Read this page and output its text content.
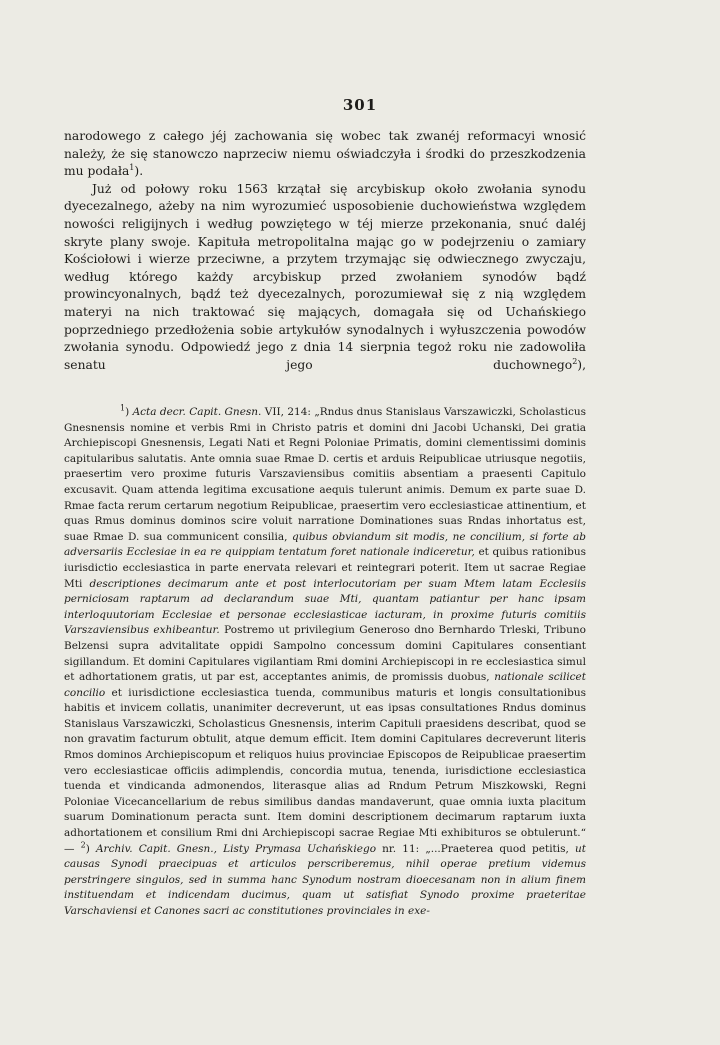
301

narodowego z całego jéj zachowania się wobec tak zwanéj reformacyi wnosić należy, że się stanowczo naprzeciw niemu oświadczyła i środki do przeszkodzenia mu podała$^1$).

Już od połowy roku 1563 krzątał się arcybiskup około zwołania synodu dyecezalnego, ażeby na nim wyrozumieć usposobienie duchowieństwa względem nowości religijnych i według powziętego w téj mierze przekonania, snuć daléj skryte plany swoje. Kapituła metropolitalna mając go w podejrzeniu o zamiary Kościołowi i wierze przeciwne, a przytem trzymając się odwiecznego zwyczaju, według którego każdy arcybiskup przed zwołaniem synodów bądź prowincyonalnych, bądź też dyecezalnych, porozumiewał się z nią względem materyi na nich traktować się mających, domagała się od Uchańskiego poprzedniego przedłożenia sobie artykułów synodalnych i wyłuszczenia powodów zwołania synodu. Odpowiedź jego z dnia 14 sierpnia tegoż roku nie zadowoliła senatu jego duchownego$^2$),

$^1$) Acta decr. Capit. Gnesn. VII, 214: „Rndus dnus Stanislaus Varszawiczki, Scholasticus Gnesnensis nomine et verbis Rmi in Christo patris et domini dni Jacobi Uchanski, Dei gratia Archiepiscopi Gnesnensis, Legati Nati et Regni Poloniae Primatis, domini clementissimi dominis capitularibus salutatis. Ante omnia suae Rmae D. certis et arduis Reipublicae utriusque negotiis, praesertim vero proxime futuris Varszaviensibus comitiis absentiam a praesenti Capitulo excusavit. Quam attenda legitima excusatione aequis tulerunt animis. Demum ex parte suae D. Rmae facta rerum certarum negotium Reipublicae, praesertim vero ecclesiasticae attinentium, et quas Rmus dominus dominos scire voluit narratione Dominationes suas Rndas inhortatus est, suae Rmae D. sua communicent consilia, quibus obviandum sit modis, ne concilium, si forte ab adversariis Ecclesiae in ea re quippiam tentatum foret nationale indiceretur, et quibus rationibus iurisdictio ecclesiastica in parte enervata relevari et reintegrari poterit. Item ut sacrae Regiae Mti descriptiones decimarum ante et post interlocutoriam per suam Mtem latam Ecclesiis perniciosam raptarum ad declarandum suae Mti, quantam patiantur per hanc ipsam interloquutoriam Ecclesiae et personae ecclesiasticae iacturam, in proxime futuris comitiis Varszaviensibus exhibeantur. Postremo ut privilegium Generoso dno Bernhardo Trleski, Tribuno Belzensi supra advitalitate oppidi Sampolno concessum domini Capitulares consentiant sigillandum. Et domini Capitulares vigilantiam Rmi domini Archiepiscopi in re ecclesiastica simul et adhortationem gratis, ut par est, acceptantes animis, de promissis duobus, nationale scilicet concilio et iurisdictione ecclesiastica tuenda, communibus maturis et longis consultationibus habitis et invicem collatis, unanimiter decreverunt, ut eas ipsas consultationes Rndus dominus Stanislaus Varszawiczki, Scholasticus Gnesnensis, interim Capituli praesidens describat, quod se non gravatim facturum obtulit, atque demum efficit. Item domini Capitulares decreverunt literis Rmos dominos Archiepiscopum et reliquos huius provinciae Episcopos de Reipublicae praesertim vero ecclesiasticae officiis adimplendis, concordia mutua, tenenda, iurisdictione ecclesiastica tuenda et vindicanda admonendos, literasque alias ad Rndum Petrum Miszkowski, Regni Poloniae Vicecancellarium de rebus similibus dandas mandaverunt, quae omnia iuxta placitum suarum Dominationum peracta sunt. Item domini descriptionem decimarum raptarum iuxta adhortationem et consilium Rmi dni Archiepiscopi sacrae Regiae Mti exhibituros se obtulerunt.“ — $^2$) Archiv. Capit. Gnesn., Listy Prymasa Uchańskiego nr. 11: „...Praeterea quod petitis, ut causas Synodi praecipuas et articulos perscriberemus, nihil operae pretium videmus perstringere singulos, sed in summa hanc Synodum nostram dioecesanam non in alium finem instituendam et indicendam ducimus, quam ut satisfiat Synodo proxime praeteritae Varschaviensi et Canones sacri ac constitutiones provinciales in exe-
